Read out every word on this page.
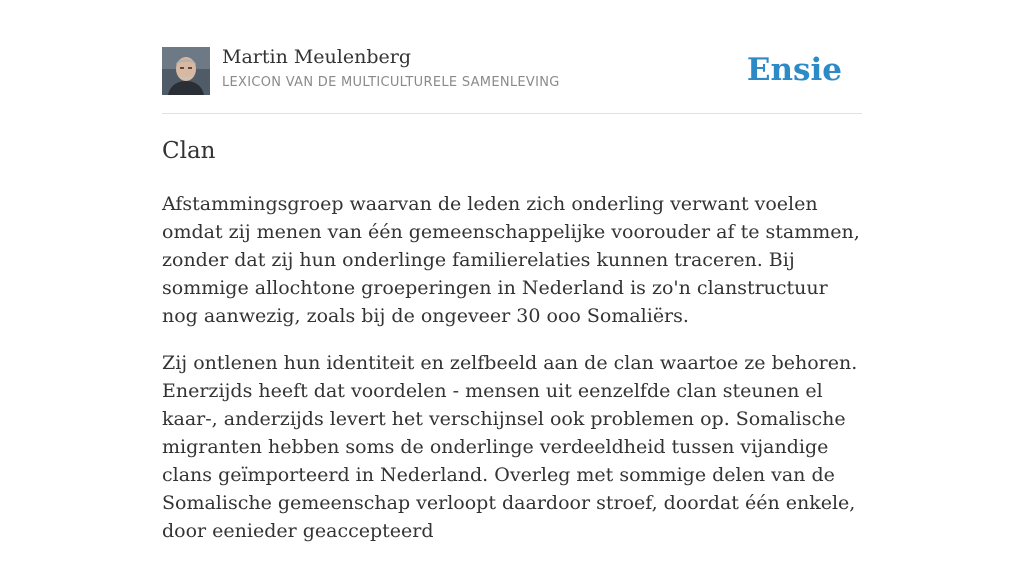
Martin Meulenberg
LEXICON VAN DE MULTICULTURELE SAMENLEVING	Ensie
Clan

Afstammingsgroep waarvan de leden zich onderling verwant voelen omdat zij menen van één gemeenschappelijke voorouder af te stammen, zonder dat zij hun onderlinge familierelaties kunnen traceren. Bij sommige allochtone groeperingen in Nederland is zo'n clanstructuur nog aanwezig, zoals bij de ongeveer 30 ooo Somaliërs.

Zij ontlenen hun identiteit en zelfbeeld aan de clan waartoe ze behoren. Enerzijds heeft dat voordelen - mensen uit eenzelfde clan steunen el kaar-, anderzijds levert het verschijnsel ook problemen op. Somalische migranten hebben soms de onderlinge verdeeldheid tussen vijandige clans geïmporteerd in Nederland. Overleg met sommige delen van de Somalische gemeenschap verloopt daardoor stroef, doordat één enkele, door eenieder geaccepteerd
